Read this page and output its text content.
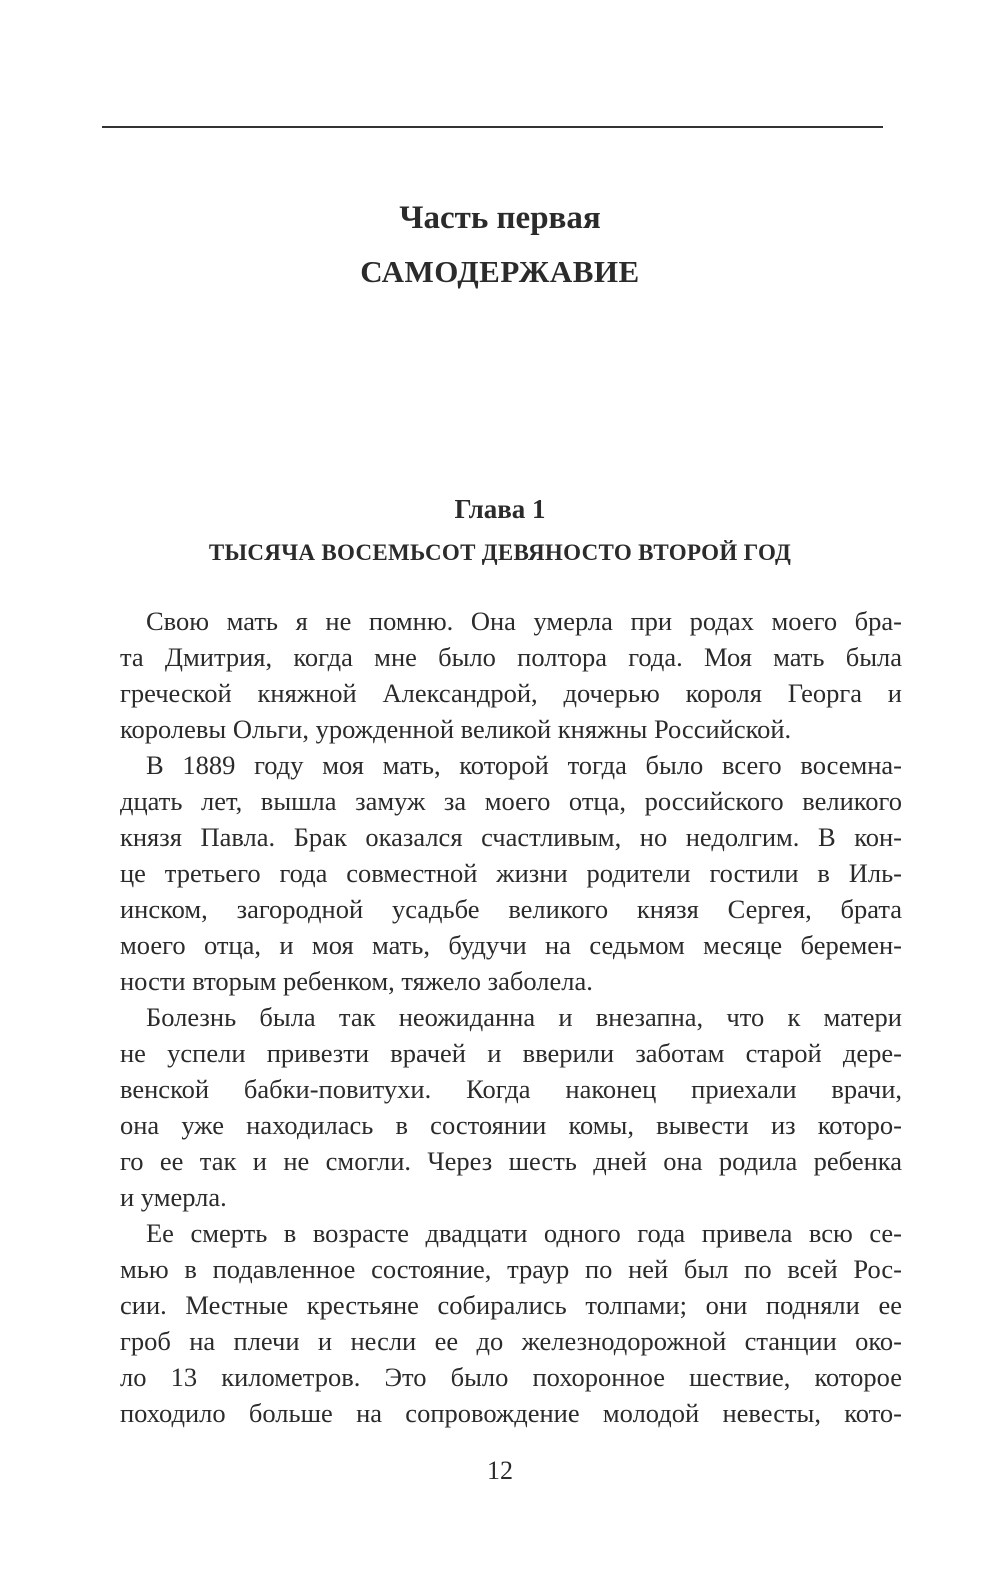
Часть первая
САМОДЕРЖАВИЕ
Глава 1
ТЫСЯЧА ВОСЕМЬСОТ ДЕВЯНОСТО ВТОРОЙ ГОД
Свою мать я не помню. Она умерла при родах моего бра-
та Дмитрия, когда мне было полтора года. Моя мать была
греческой княжной Александрой, дочерью короля Георга и
королевы Ольги, урожденной великой княжны Российской.
В 1889 году моя мать, которой тогда было всего восемна-
дцать лет, вышла замуж за моего отца, российского великого
князя Павла. Брак оказался счастливым, но недолгим. В кон-
це третьего года совместной жизни родители гостили в Иль-
инском, загородной усадьбе великого князя Сергея, брата
моего отца, и моя мать, будучи на седьмом месяце беремен-
ности вторым ребенком, тяжело заболела.
Болезнь была так неожиданна и внезапна, что к матери
не успели привезти врачей и вверили заботам старой дере-
венской бабки-повитухи. Когда наконец приехали врачи,
она уже находилась в состоянии комы, вывести из которо-
го ее так и не смогли. Через шесть дней она родила ребенка
и умерла.
Ее смерть в возрасте двадцати одного года привела всю се-
мью в подавленное состояние, траур по ней был по всей Рос-
сии. Местные крестьяне собирались толпами; они подняли ее
гроб на плечи и несли ее до железнодорожной станции око-
ло 13 километров. Это было похоронное шествие, которое
походило больше на сопровождение молодой невесты, кото-
12
